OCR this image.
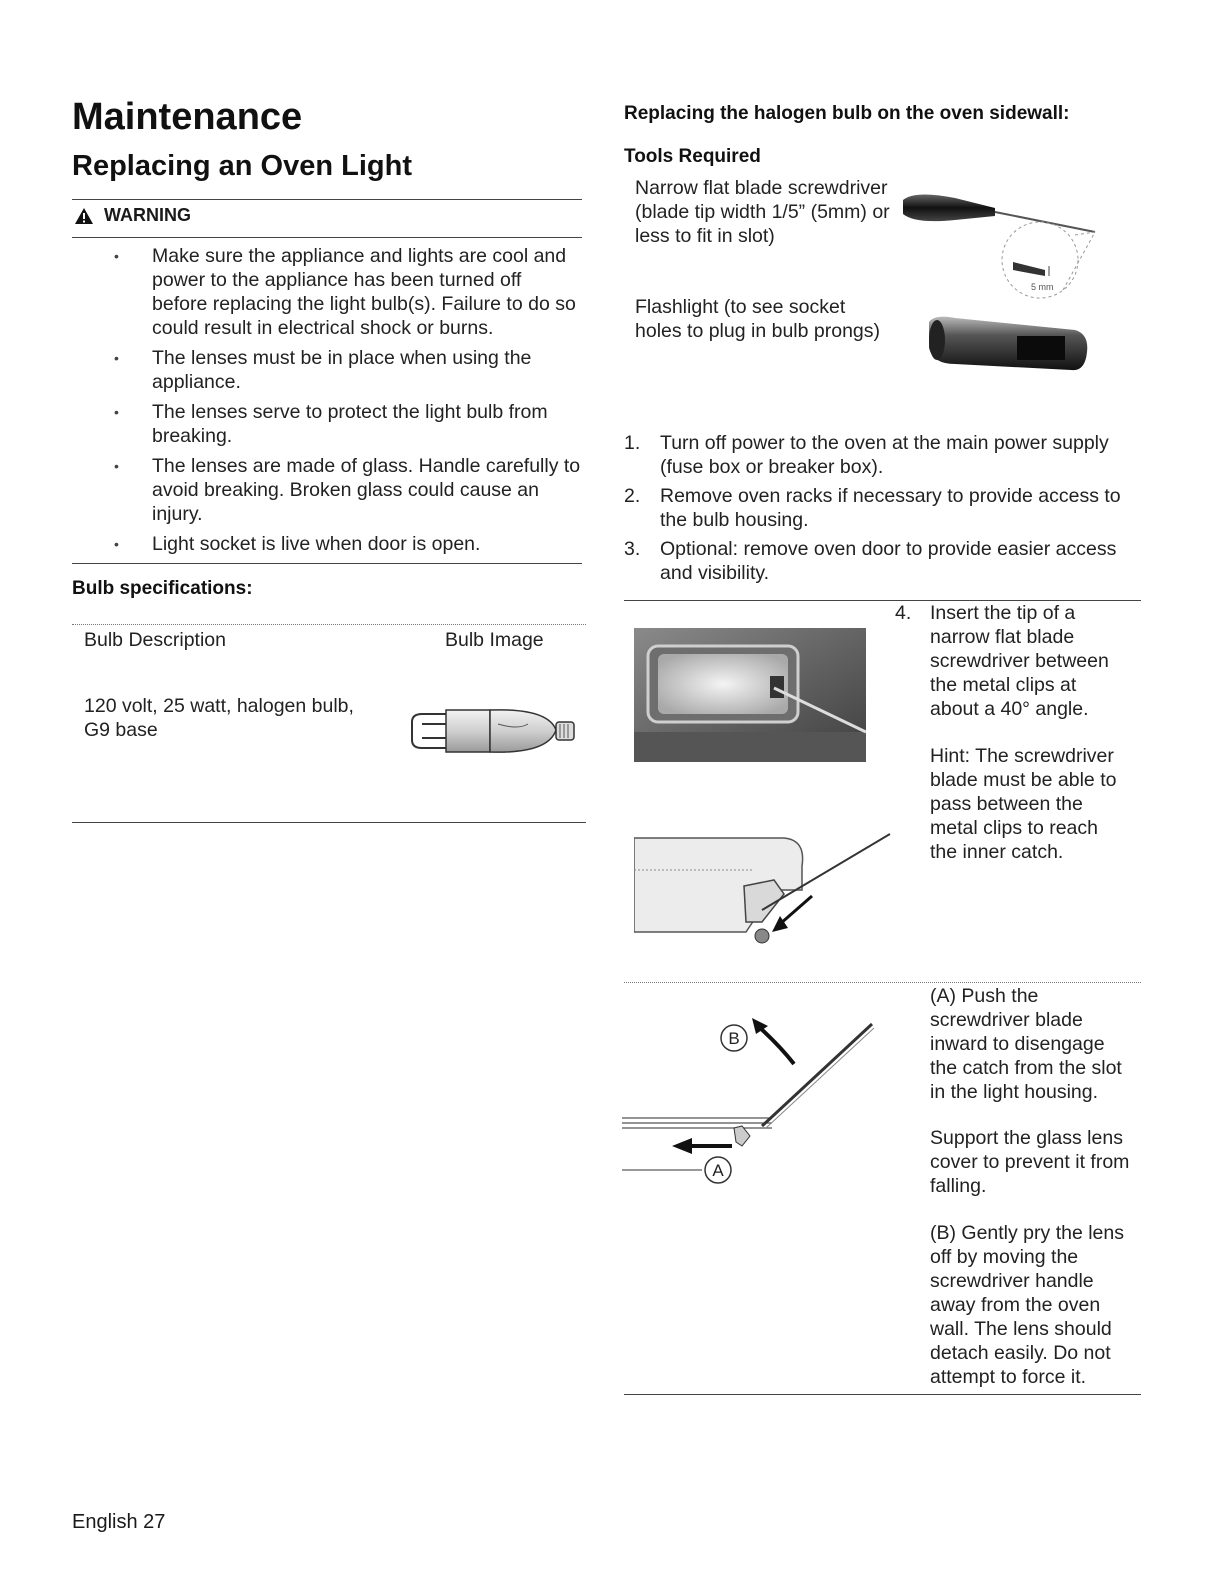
Maintenance
Replacing an Oven Light
WARNING
• Make sure the appliance and lights are cool and power to the appliance has been turned off before replacing the light bulb(s). Failure to do so could result in electrical shock or burns.
• The lenses must be in place when using the appliance.
• The lenses serve to protect the light bulb from breaking.
• The lenses are made of glass. Handle carefully to avoid breaking. Broken glass could cause an injury.
• Light socket is live when door is open.
Bulb specifications:
Bulb Description	Bulb Image
120 volt, 25 watt, halogen bulb, G9 base
Replacing the halogen bulb on the oven sidewall:
Tools Required
Narrow flat blade screwdriver (blade tip width 1/5” (5mm) or less to fit in slot)
Flashlight (to see socket holes to plug in bulb prongs)
5 mm
1. Turn off power to the oven at the main power supply (fuse box or breaker box).
2. Remove oven racks if necessary to provide access to the bulb housing.
3. Optional: remove oven door to provide easier access and visibility.
4. Insert the tip of a narrow flat blade screwdriver between the metal clips at about a 40° angle.
Hint: The screwdriver blade must be able to pass between the metal clips to reach the inner catch.
A
B
(A) Push the screwdriver blade inward to disengage the catch from the slot in the light housing.
Support the glass lens cover to prevent it from falling.
(B) Gently pry the lens off by moving the screwdriver handle away from the oven wall. The lens should detach easily. Do not attempt to force it.
English 27
